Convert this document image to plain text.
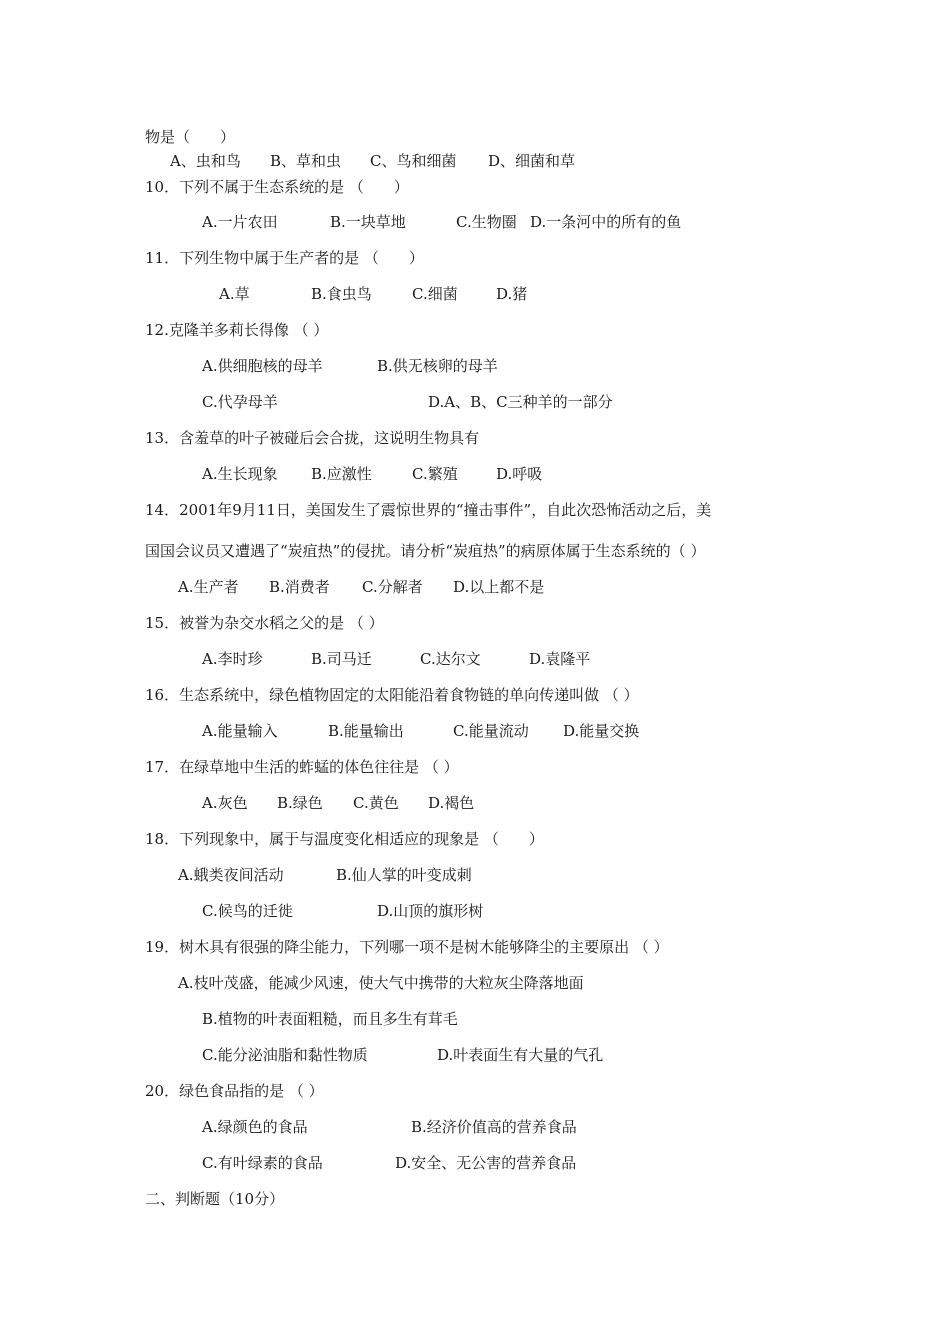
物是（　　）
A、虫和鸟 B、草和虫 C、鸟和细菌 D、细菌和草
10．下列不属于生态系统的是 （　　）
A.一片农田	B.一块草地	C.生物圈 D.一条河中的所有的鱼
11．下列生物中属于生产者的是 （　　）
A.草	B.食虫鸟	C.细菌	D.猪
12.克隆羊多莉长得像 （ ）
A.供细胞核的母羊	B.供无核卵的母羊
C.代孕母羊	D.A、B、C三种羊的一部分
13．含羞草的叶子被碰后会合拢，这说明生物具有
A.生长现象 B.应激性	C.繁殖	D.呼吸
14．2001年9月11日，美国发生了震惊世界的“撞击事件”，自此次恐怖活动之后，美
国国会议员又遭遇了“炭疽热”的侵扰。请分析“炭疽热”的病原体属于生态系统的（ ）
A.生产者 B.消费者 C.分解者 D.以上都不是
15．被誉为杂交水稻之父的是 （ ）
A.李时珍	B.司马迁	C.达尔文	D.袁隆平
16．生态系统中，绿色植物固定的太阳能沿着食物链的单向传递叫做 （ ）
A.能量输入	B.能量输出	C.能量流动 D.能量交换
17．在绿草地中生活的蚱蜢的体色往往是 （ ）
A.灰色 B.绿色 C.黄色 D.褐色
18．下列现象中，属于与温度变化相适应的现象是 （　　）
A.蛾类夜间活动	B.仙人掌的叶变成刺
C.候鸟的迁徙	D.山顶的旗形树
19．树木具有很强的降尘能力，下列哪一项不是树木能够降尘的主要原出 （ ）
A.枝叶茂盛，能减少风速，使大气中携带的大粒灰尘降落地面
B.植物的叶表面粗糙，而且多生有茸毛
C.能分泌油脂和黏性物质	D.叶表面生有大量的气孔
20．绿色食品指的是 （ ）
A.绿颜色的食品	B.经济价值高的营养食品
C.有叶绿素的食品	D.安全、无公害的营养食品
二、判断题（10分）
